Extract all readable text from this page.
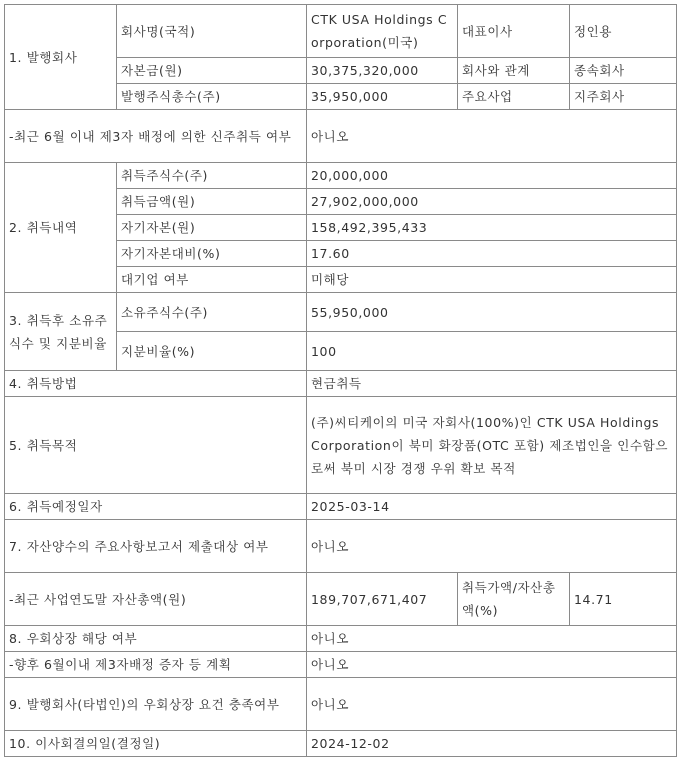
1. 발행회사	회사명(국적)	CTK USA Holdings Corporation(미국)	대표이사	정인용
	자본금(원)	30,375,320,000	회사와 관계	종속회사
	발행주식총수(주)	35,950,000	주요사업	지주회사
-최근 6월 이내 제3자 배정에 의한 신주취득 여부		아니오		
2. 취득내역	취득주식수(주)	20,000,000		
	취득금액(원)	27,902,000,000		
	자기자본(원)	158,492,395,433		
	자기자본대비(%)	17.60		
	대기업 여부	미해당		
3. 취득후 소유주식수 및 지분비율	소유주식수(주)	55,950,000		
	지분비율(%)	100		
4. 취득방법		현금취득		
5. 취득목적		(주)씨티케이의 미국 자회사(100%)인 CTK USA Holdings Corporation이 북미 화장품(OTC 포함) 제조법인을 인수함으로써 북미 시장 경쟁 우위 확보 목적		
6. 취득예정일자		2025-03-14		
7. 자산양수의 주요사항보고서 제출대상 여부		아니오		
-최근 사업연도말 자산총액(원)		189,707,671,407	취득가액/자산총액(%)	14.71
8. 우회상장 해당 여부		아니오		
-향후 6월이내 제3자배정 증자 등 계획		아니오		
9. 발행회사(타법인)의 우회상장 요건 충족여부		아니오		
10. 이사회결의일(결정일)		2024-12-02		
